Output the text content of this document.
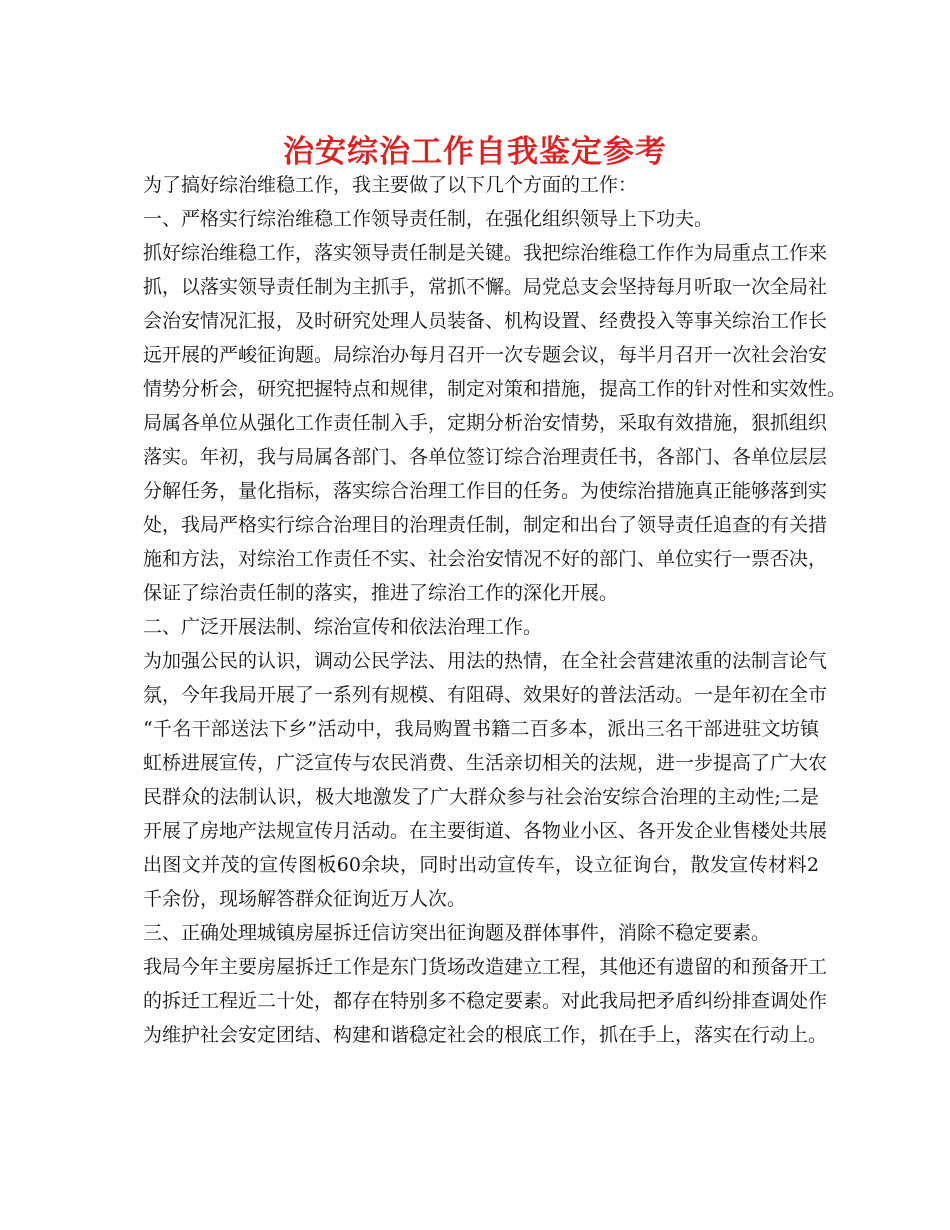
治安综治工作自我鉴定参考
为了搞好综治维稳工作，我主要做了以下几个方面的工作：
一、严格实行综治维稳工作领导责任制，在强化组织领导上下功夫。
抓好综治维稳工作，落实领导责任制是关键。我把综治维稳工作作为局重点工作来
抓，以落实领导责任制为主抓手，常抓不懈。局党总支会坚持每月听取一次全局社
会治安情况汇报，及时研究处理人员装备、机构设置、经费投入等事关综治工作长
远开展的严峻征询题。局综治办每月召开一次专题会议，每半月召开一次社会治安
情势分析会，研究把握特点和规律，制定对策和措施，提高工作的针对性和实效性。
局属各单位从强化工作责任制入手，定期分析治安情势，采取有效措施，狠抓组织
落实。年初，我与局属各部门、各单位签订综合治理责任书，各部门、各单位层层
分解任务，量化指标，落实综合治理工作目的任务。为使综治措施真正能够落到实
处，我局严格实行综合治理目的治理责任制，制定和出台了领导责任追查的有关措
施和方法，对综治工作责任不实、社会治安情况不好的部门、单位实行一票否决，
保证了综治责任制的落实，推进了综治工作的深化开展。
二、广泛开展法制、综治宣传和依法治理工作。
为加强公民的认识，调动公民学法、用法的热情，在全社会营建浓重的法制言论气
氛，今年我局开展了一系列有规模、有阻碍、效果好的普法活动。一是年初在全市
“千名干部送法下乡”活动中，我局购置书籍二百多本，派出三名干部进驻文坊镇
虹桥进展宣传，广泛宣传与农民消费、生活亲切相关的法规，进一步提高了广大农
民群众的法制认识，极大地激发了广大群众参与社会治安综合治理的主动性;二是
开展了房地产法规宣传月活动。在主要街道、各物业小区、各开发企业售楼处共展
出图文并茂的宣传图板60余块，同时出动宣传车，设立征询台，散发宣传材料2
千余份，现场解答群众征询近万人次。
三、正确处理城镇房屋拆迁信访突出征询题及群体事件，消除不稳定要素。
我局今年主要房屋拆迁工作是东门货场改造建立工程，其他还有遗留的和预备开工
的拆迁工程近二十处，都存在特别多不稳定要素。对此我局把矛盾纠纷排查调处作
为维护社会安定团结、构建和谐稳定社会的根底工作，抓在手上，落实在行动上。
